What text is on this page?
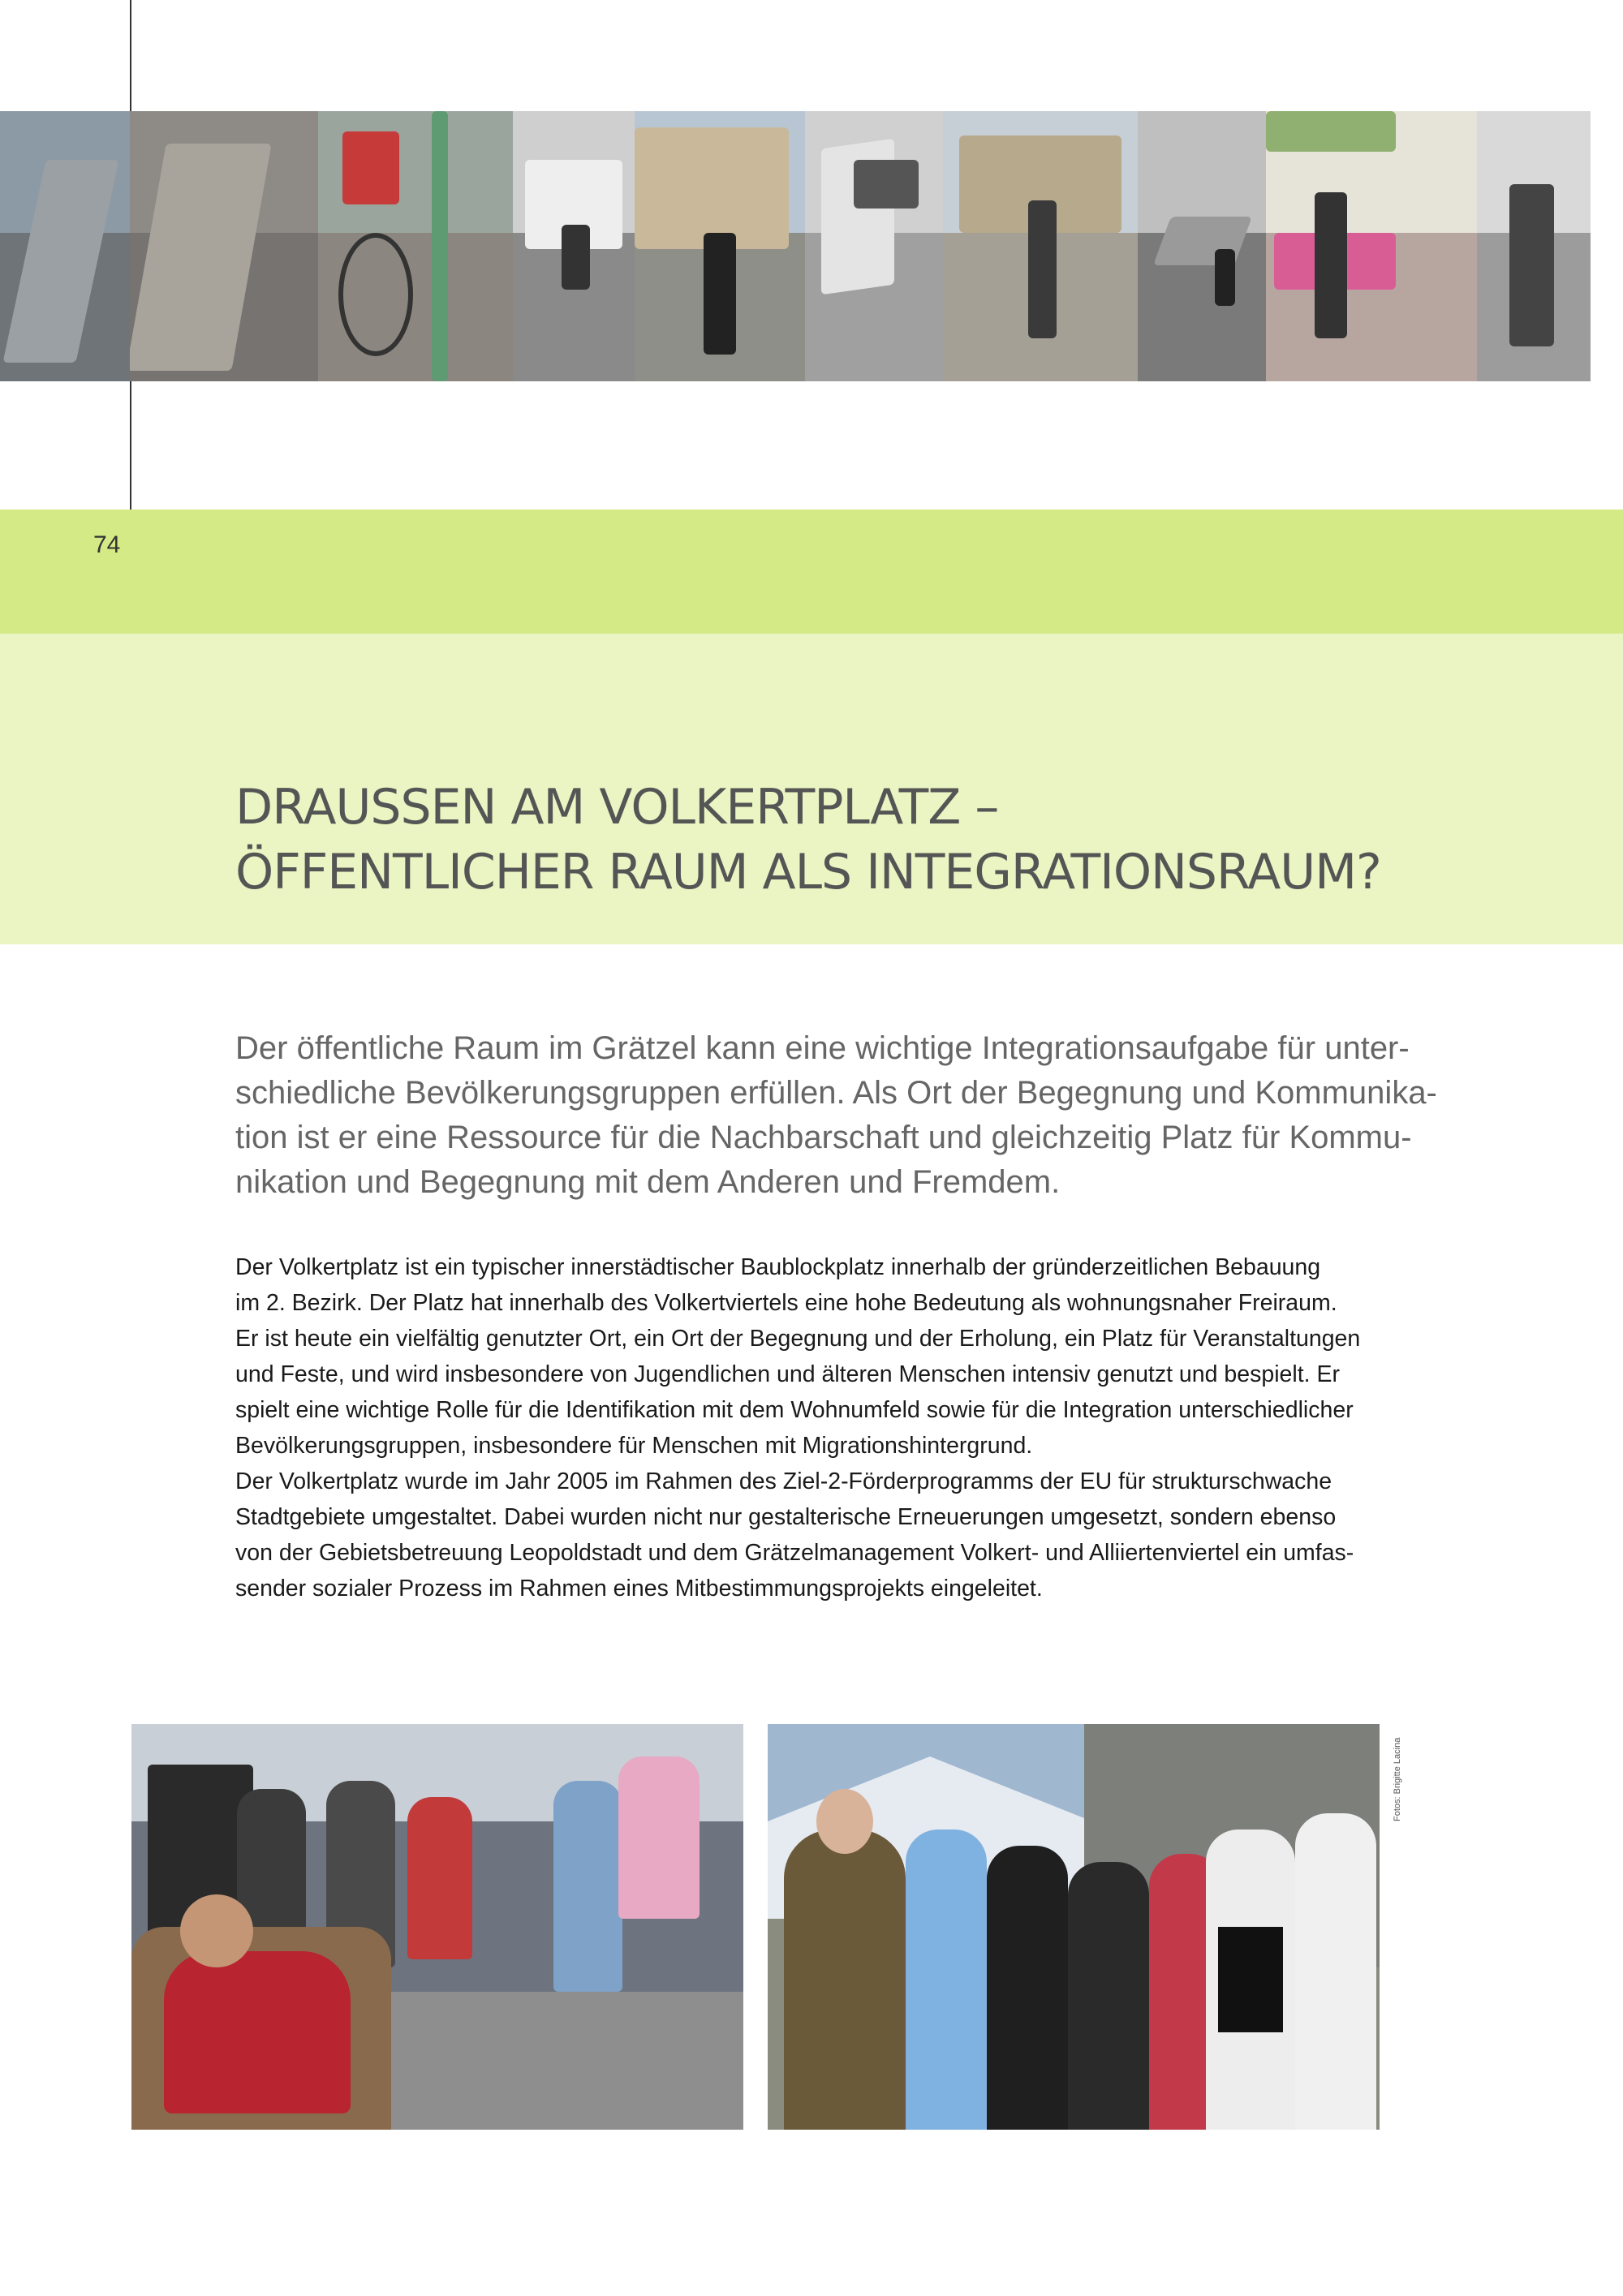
74
DRAUSSEN AM VOLKERTPLATZ –
ÖFFENTLICHER RAUM ALS INTEGRATIONSRAUM?

Der öffentliche Raum im Grätzel kann eine wichtige Integrationsaufgabe für unter-
schiedliche Bevölkerungsgruppen erfüllen. Als Ort der Begegnung und Kommunika-
tion ist er eine Ressource für die Nachbarschaft und gleichzeitig Platz für Kommu-
nikation und Begegnung mit dem Anderen und Fremdem.

Der Volkertplatz ist ein typischer innerstädtischer Baublockplatz innerhalb der gründerzeitlichen Bebauung
im 2. Bezirk. Der Platz hat innerhalb des Volkertviertels eine hohe Bedeutung als wohnungsnaher Freiraum.
Er ist heute ein vielfältig genutzter Ort, ein Ort der Begegnung und der Erholung, ein Platz für Veranstaltungen
und Feste, und wird insbesondere von Jugendlichen und älteren Menschen intensiv genutzt und bespielt. Er
spielt eine wichtige Rolle für die Identifikation mit dem Wohnumfeld sowie für die Integration unterschiedlicher
Bevölkerungsgruppen, insbesondere für Menschen mit Migrationshintergrund.
Der Volkertplatz wurde im Jahr 2005 im Rahmen des Ziel-2-Förderprogramms der EU für strukturschwache
Stadtgebiete umgestaltet. Dabei wurden nicht nur gestalterische Erneuerungen umgesetzt, sondern ebenso
von der Gebietsbetreuung Leopoldstadt und dem Grätzelmanagement Volkert- und Alliiertenviertel ein umfas-
sender sozialer Prozess im Rahmen eines Mitbestimmungsprojekts eingeleitet.

Fotos: Brigitte Lacina
